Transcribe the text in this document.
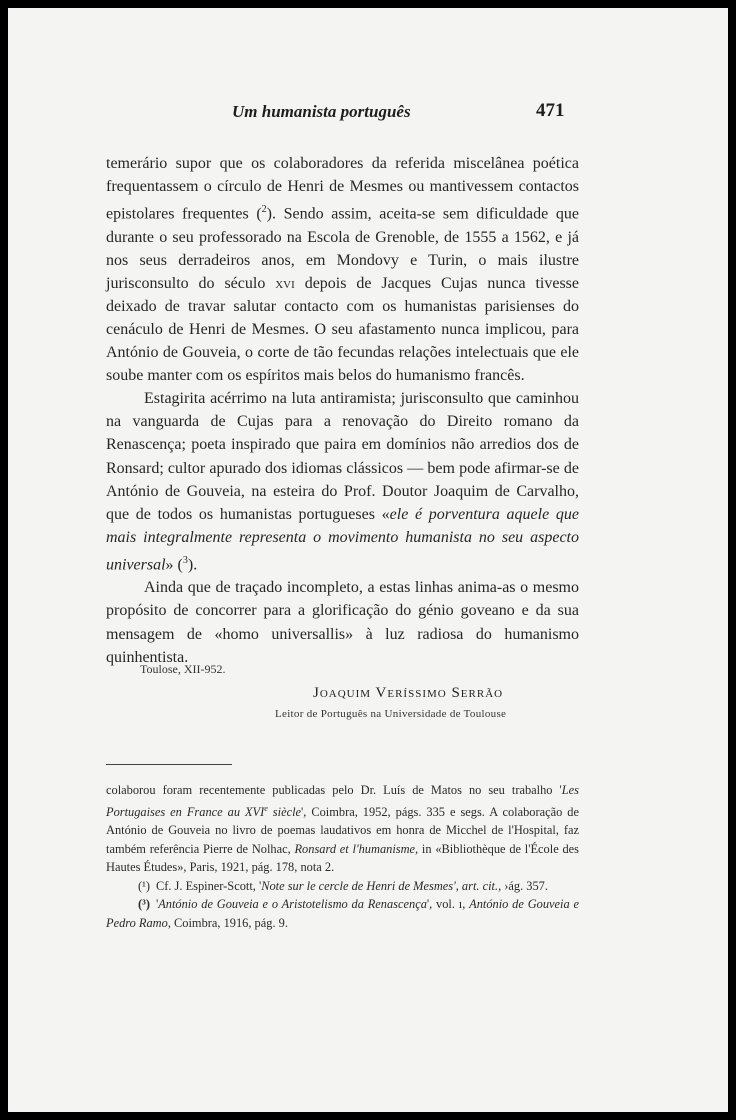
Um humanista português	471

temerário supor que os colaboradores da referida miscelânea poética frequentassem o círculo de Henri de Mesmes ou mantivessem contactos epistolares frequentes ($^2$). Sendo assim, aceita-se sem dificuldade que durante o seu professorado na Escola de Grenoble, de 1555 a 1562, e já nos seus derradeiros anos, em Mondovy e Turin, o mais ilustre jurisconsulto do século xvi depois de Jacques Cujas nunca tivesse deixado de travar salutar contacto com os humanistas parisienses do cenáculo de Henri de Mesmes. O seu afastamento nunca implicou, para António de Gouveia, o corte de tão fecundas relações intelectuais que ele soube manter com os espíritos mais belos do humanismo francês.

Estagirita acérrimo na luta antiramista; jurisconsulto que caminhou na vanguarda de Cujas para a renovação do Direito romano da Renascença; poeta inspirado que paira em domínios não arredios dos de Ronsard; cultor apurado dos idiomas clássicos — bem pode afirmar-se de António de Gouveia, na esteira do Prof. Doutor Joaquim de Carvalho, que de todos os humanistas portugueses «ele é porventura aquele que mais integralmente representa o movimento humanista no seu aspecto universal» ($^3$).

Ainda que de traçado incompleto, a estas linhas anima-as o mesmo propósito de concorrer para a glorificação do génio goveano e da sua mensagem de «homo universallis» à luz radiosa do humanismo quinhentista.

Toulose, XII-952.
Joaquim Veríssimo Serrão
Leitor de Português na Universidade de Toulouse

colaborou foram recentemente publicadas pelo Dr. Luís de Matos no seu trabalho 'Les Portugaises en France au XVIe siècle', Coimbra, 1952, págs. 335 e segs. A colaboração de António de Gouveia no livro de poemas laudativos em honra de Micchel de l'Hospital, faz também referência Pierre de Nolhac, Ronsard et l'humanisme, in «Bibliothèque de l'École des Hautes Études», Paris, 1921, pág. 178, nota 2.

(¹) Cf. J. Espiner-Scott, 'Note sur le cercle de Henri de Mesmes', art. cit., ›ág. 357.

(³) 'António de Gouveia e o Aristotelismo da Renascença', vol. ı, António de Gouveia e Pedro Ramo, Coimbra, 1916, pág. 9.
